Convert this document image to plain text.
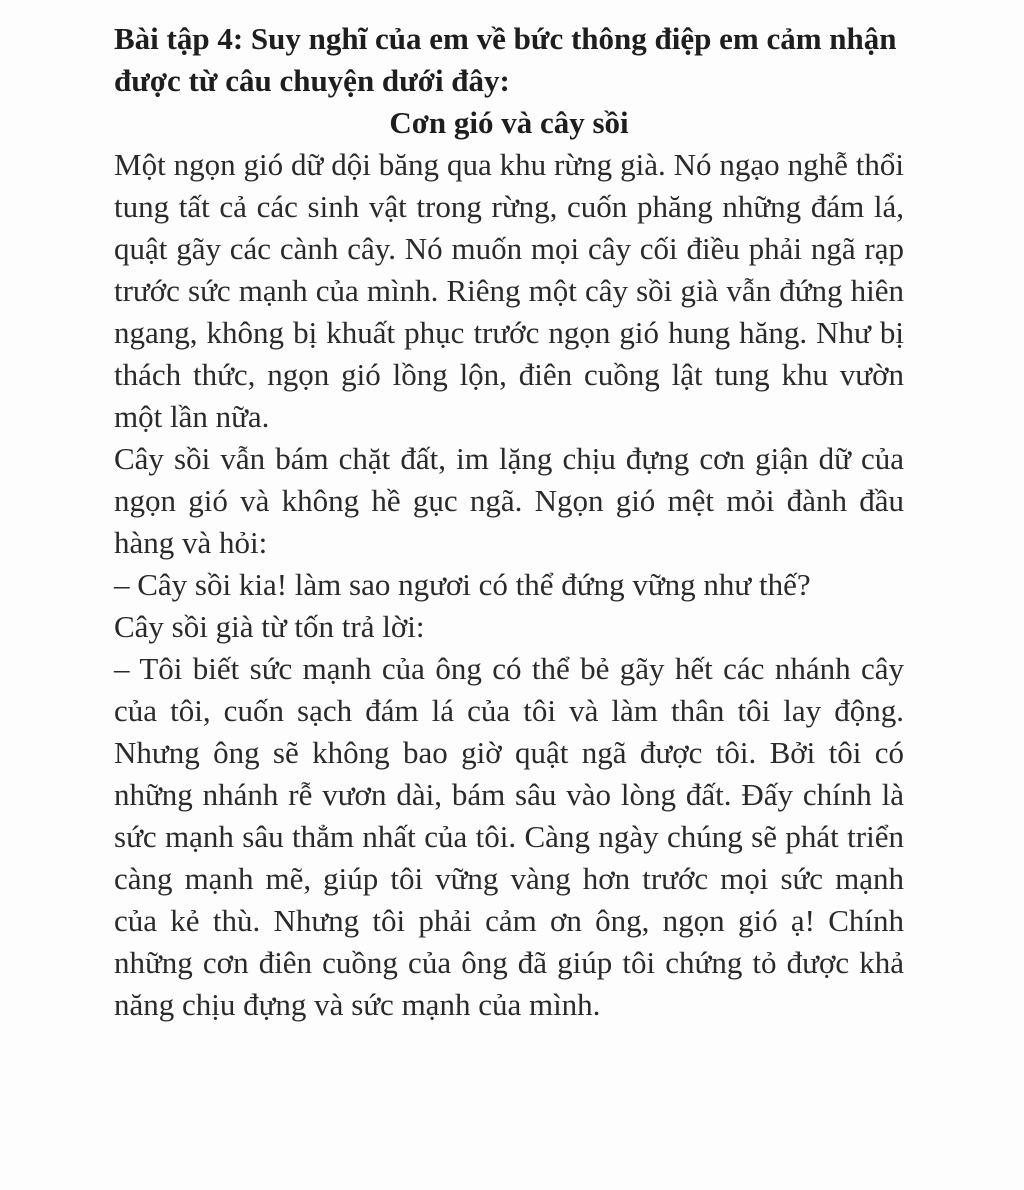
Bài tập 4: Suy nghĩ của em về bức thông điệp em cảm nhận được từ câu chuyện dưới đây:

Cơn gió và cây sồi

Một ngọn gió dữ dội băng qua khu rừng già. Nó ngạo nghễ thổi tung tất cả các sinh vật trong rừng, cuốn phăng những đám lá, quật gãy các cành cây. Nó muốn mọi cây cối điều phải ngã rạp trước sức mạnh của mình. Riêng một cây sồi già vẫn đứng hiên ngang, không bị khuất phục trước ngọn gió hung hăng. Như bị thách thức, ngọn gió lồng lộn, điên cuồng lật tung khu vườn một lần nữa.

Cây sồi vẫn bám chặt đất, im lặng chịu đựng cơn giận dữ của ngọn gió và không hề gục ngã. Ngọn gió mệt mỏi đành đầu hàng và hỏi:

– Cây sồi kia! làm sao ngươi có thể đứng vững như thế?

Cây sồi già từ tốn trả lời:

– Tôi biết sức mạnh của ông có thể bẻ gãy hết các nhánh cây của tôi, cuốn sạch đám lá của tôi và làm thân tôi lay động. Nhưng ông sẽ không bao giờ quật ngã được tôi. Bởi tôi có những nhánh rễ vươn dài, bám sâu vào lòng đất. Đấy chính là sức mạnh sâu thẳm nhất của tôi. Càng ngày chúng sẽ phát triển càng mạnh mẽ, giúp tôi vững vàng hơn trước mọi sức mạnh của kẻ thù. Nhưng tôi phải cảm ơn ông, ngọn gió ạ! Chính những cơn điên cuồng của ông đã giúp tôi chứng tỏ được khả năng chịu đựng và sức mạnh của mình.
